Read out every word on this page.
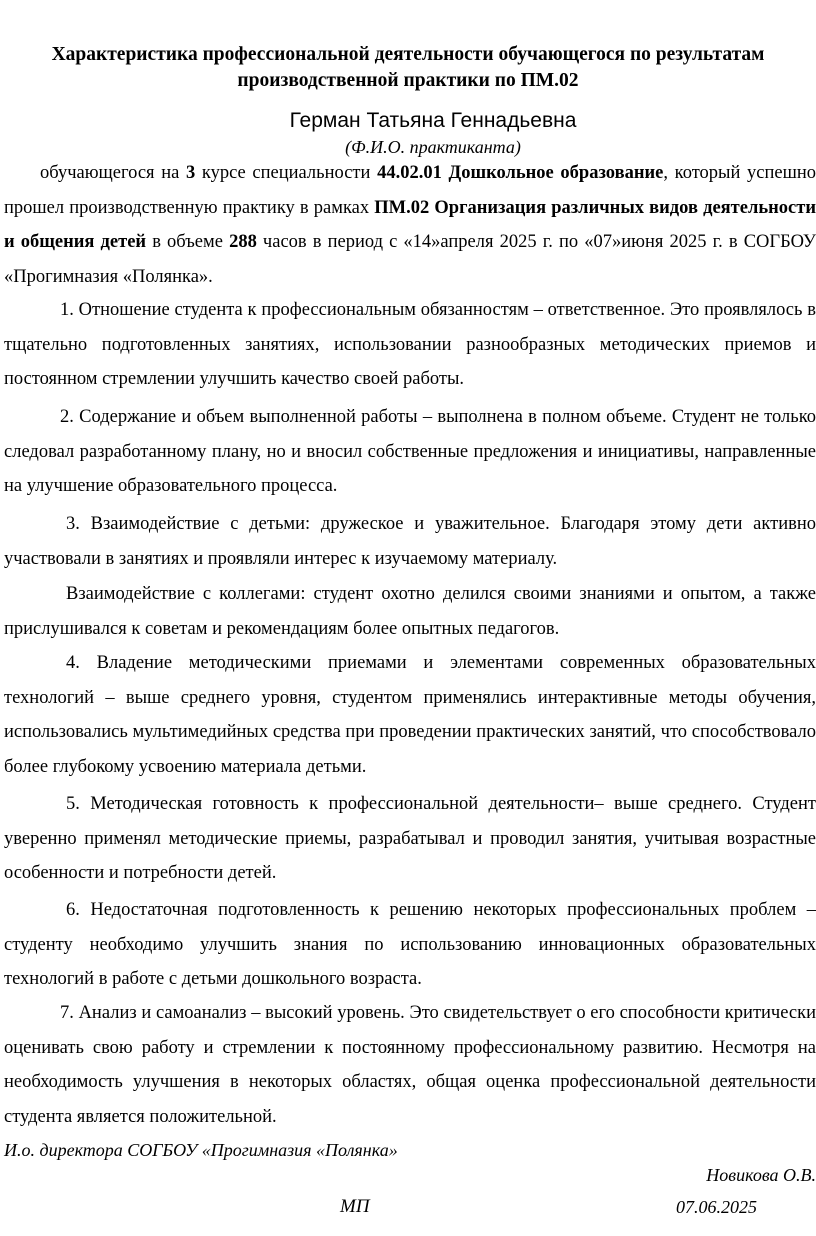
Характеристика профессиональной деятельности обучающегося по результатам производственной практики по ПМ.02
Герман Татьяна Геннадьевна
(Ф.И.О. практиканта)

обучающегося на 3 курсе специальности 44.02.01 Дошкольное образование, который успешно прошел производственную практику в рамках ПМ.02 Организация различных видов деятельности и общения детей в объеме 288 часов в период с «14»апреля 2025 г. по «07»июня 2025 г. в СОГБОУ «Прогимназия «Полянка».

1. Отношение студента к профессиональным обязанностям – ответственное. Это проявлялось в тщательно подготовленных занятиях, использовании разнообразных методических приемов и постоянном стремлении улучшить качество своей работы.

2. Содержание и объем выполненной работы – выполнена в полном объеме. Студент не только следовал разработанному плану, но и вносил собственные предложения и инициативы, направленные на улучшение образовательного процесса.

3. Взаимодействие с детьми: дружеское и уважительное. Благодаря этому дети активно участвовали в занятиях и проявляли интерес к изучаемому материалу.

Взаимодействие с коллегами: студент охотно делился своими знаниями и опытом, а также прислушивался к советам и рекомендациям более опытных педагогов.

4. Владение методическими приемами и элементами современных образовательных технологий – выше среднего уровня, студентом применялись интерактивные методы обучения, использовались мультимедийных средства при проведении практических занятий, что способствовало более глубокому усвоению материала детьми.

5. Методическая готовность к профессиональной деятельности– выше среднего. Студент уверенно применял методические приемы, разрабатывал и проводил занятия, учитывая возрастные особенности и потребности детей.

6. Недостаточная подготовленность к решению некоторых профессиональных проблем – студенту необходимо улучшить знания по использованию инновационных образовательных технологий в работе с детьми дошкольного возраста.

7. Анализ и самоанализ – высокий уровень. Это свидетельствует о его способности критически оценивать свою работу и стремлении к постоянному профессиональному развитию. Несмотря на необходимость улучшения в некоторых областях, общая оценка профессиональной деятельности студента является положительной.

И.о. директора СОГБОУ «Прогимназия «Полянка»
Новикова О.В.
МП	07.06.2025
